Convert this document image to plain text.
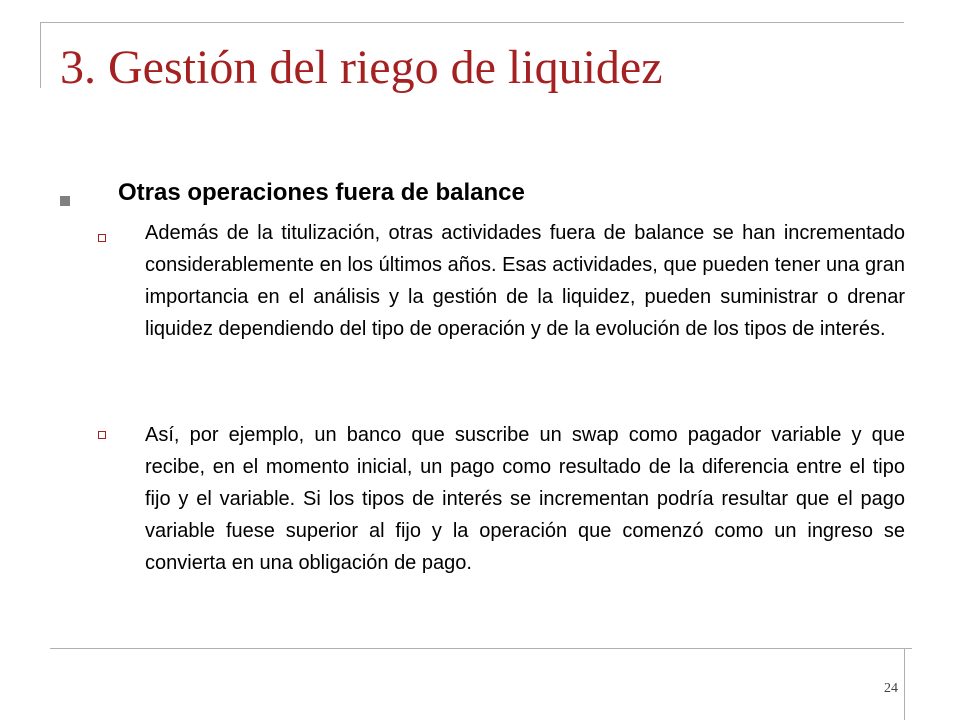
3. Gestión del riego de liquidez
Otras operaciones fuera de balance

Además de la titulización, otras actividades fuera de balance se han incrementado considerablemente en los últimos años. Esas actividades, que pueden tener una gran importancia en el análisis y la gestión de la liquidez, pueden suministrar o drenar liquidez dependiendo del tipo de operación y de la evolución de los tipos de interés.

Así, por ejemplo, un banco que suscribe un swap como pagador variable y que recibe, en el momento inicial, un pago como resultado de la diferencia entre el tipo fijo y el variable. Si los tipos de interés se incrementan podría resultar que el pago variable fuese superior al fijo y la operación que comenzó como un ingreso se convierta en una obligación de pago.

24
